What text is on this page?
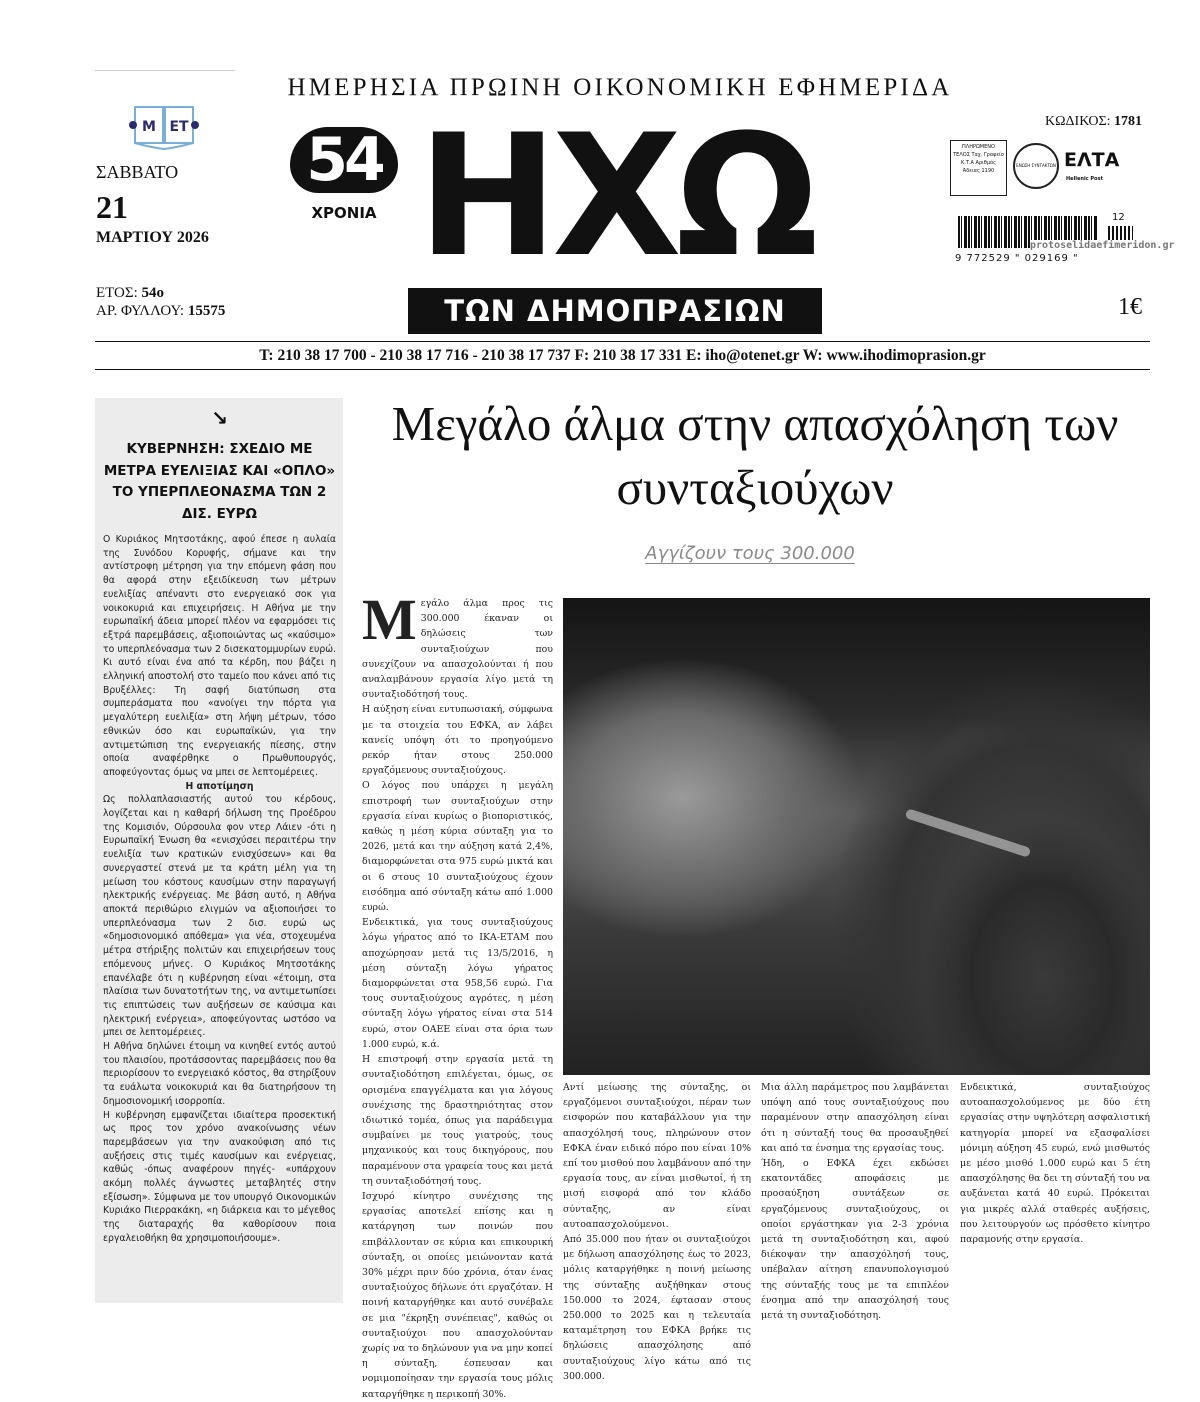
ΗΜΕΡΗΣΙΑ ΠΡΩΙΝΗ ΟΙΚΟΝΟΜΙΚΗ ΕΦΗΜΕΡΙΔΑ
M ET
ΣΑΒΒΑΤΟ
21
ΜΑΡΤΙΟΥ 2026
ΕΤΟΣ: 54ο
ΑΡ. ΦΥΛΛΟΥ: 15575
54
ΧΡΟΝΙΑ ΗΧΩ
ΤΩΝ ΔΗΜΟΠΡΑΣΙΩΝ
ΚΩΔΙΚΟΣ: 1781
ΠΛΗΡΩΜΕΝΟ ΤΕΛΟΣ Ταχ. Γραφείο Κ.Τ.Α Αριθμός Άδειας 1190
ΕΝΩΣΗ ΣΥΝΤΑΚΤΩΝ ΕΛΤΑ
Hellenic Post
12
protoselidaefimeridon.gr
9 772529 " 029169 "
1€
T: 210 38 17 700 - 210 38 17 716 - 210 38 17 737 F: 210 38 17 331 E: iho@otenet.gr W: www.ihodimoprasion.gr
↘
ΚΥΒΕΡΝΗΣΗ: ΣΧΕΔΙΟ ΜΕ ΜΕΤΡΑ ΕΥΕΛΙΞΙΑΣ ΚΑΙ «ΟΠΛΟ» ΤΟ ΥΠΕΡΠΛΕΟΝΑΣΜΑ ΤΩΝ 2 ΔΙΣ. ΕΥΡΩ

Ο Κυριάκος Μητσοτάκης, αφού έπεσε η αυλαία της Συνόδου Κορυφής, σήμανε και την αντίστροφη μέτρηση για την επόμενη φάση που θα αφορά στην εξειδίκευση των μέτρων ευελιξίας απέναντι στο ενεργειακό σοκ για νοικοκυριά και επιχειρήσεις. Η Αθήνα με την ευρωπαϊκή άδεια μπορεί πλέον να εφαρμόσει τις εξτρά παρεμβάσεις, αξιοποιώντας ως «καύσιμο» το υπερπλεόνασμα των 2 δισεκατομμυρίων ευρώ. Κι αυτό είναι ένα από τα κέρδη, που βάζει η ελληνική αποστολή στο ταμείο που κάνει από τις Βρυξέλλες: Τη σαφή διατύπωση στα συμπεράσματα που «ανοίγει την πόρτα για μεγαλύτερη ευελιξία» στη λήψη μέτρων, τόσο εθνικών όσο και ευρωπαϊκών, για την αντιμετώπιση της ενεργειακής πίεσης, στην οποία αναφέρθηκε ο Πρωθυπουργός, αποφεύγοντας όμως να μπει σε λεπτομέρειες.

Η αποτίμηση

Ως πολλαπλασιαστής αυτού του κέρδους, λογίζεται και η καθαρή δήλωση της Προέδρου της Κομισιόν, Ούρσουλα φον ντερ Λάιεν -ότι η Ευρωπαϊκή Ένωση θα «ενισχύσει περαιτέρω την ευελιξία των κρατικών ενισχύσεων» και θα συνεργαστεί στενά με τα κράτη μέλη για τη μείωση του κόστους καυσίμων στην παραγωγή ηλεκτρικής ενέργειας. Με βάση αυτό, η Αθήνα αποκτά περιθώριο ελιγμών να αξιοποιήσει το υπερπλεόνασμα των 2 δισ. ευρώ ως «δημοσιονομικό απόθεμα» για νέα, στοχευμένα μέτρα στήριξης πολιτών και επιχειρήσεων τους επόμενους μήνες. Ο Κυριάκος Μητσοτάκης επανέλαβε ότι η κυβέρνηση είναι «έτοιμη, στα πλαίσια των δυνατοτήτων της, να αντιμετωπίσει τις επιπτώσεις των αυξήσεων σε καύσιμα και ηλεκτρική ενέργεια», αποφεύγοντας ωστόσο να μπει σε λεπτομέρειες.

Η Αθήνα δηλώνει έτοιμη να κινηθεί εντός αυτού του πλαισίου, προτάσσοντας παρεμβάσεις που θα περιορίσουν το ενεργειακό κόστος, θα στηρίξουν τα ευάλωτα νοικοκυριά και θα διατηρήσουν τη δημοσιονομική ισορροπία.

Η κυβέρνηση εμφανίζεται ιδιαίτερα προσεκτική ως προς τον χρόνο ανακοίνωσης νέων παρεμβάσεων για την ανακούφιση από τις αυξήσεις στις τιμές καυσίμων και ενέργειας, καθώς -όπως αναφέρουν πηγές- «υπάρχουν ακόμη πολλές άγνωστες μεταβλητές στην εξίσωση». Σύμφωνα με τον υπουργό Οικονομικών Κυριάκο Πιερρακάκη, «η διάρκεια και το μέγεθος της διαταραχής θα καθορίσουν ποια εργαλειοθήκη θα χρησιμοποιήσουμε».

Μεγάλο άλμα στην απασχόληση των συνταξιούχων
Αγγίζουν τους 300.000

Μεγάλο άλμα προς τις 300.000 έκαναν οι δηλώσεις των συνταξιούχων που συνεχίζουν να απασχολούνται ή που αναλαμβάνουν εργασία λίγο μετά τη συνταξιοδότησή τους.

Η αύξηση είναι εντυπωσιακή, σύμφωνα με τα στοιχεία του ΕΦΚΑ, αν λάβει κανείς υπόψη ότι το προηγούμενο ρεκόρ ήταν στους 250.000 εργαζόμενους συνταξιούχους.

Ο λόγος που υπάρχει η μεγάλη επιστροφή των συνταξιούχων στην εργασία είναι κυρίως ο βιοποριστικός, καθώς η μέση κύρια σύνταξη για το 2026, μετά και την αύξηση κατά 2,4%, διαμορφώνεται στα 975 ευρώ μικτά και οι 6 στους 10 συνταξιούχους έχουν εισόδημα από σύνταξη κάτω από 1.000 ευρώ.

Ενδεικτικά, για τους συνταξιούχους λόγω γήρατος από το ΙΚΑ-ΕΤΑΜ που αποχώρησαν μετά τις 13/5/2016, η μέση σύνταξη λόγω γήρατος διαμορφώνεται στα 958,56 ευρώ. Για τους συνταξιούχους αγρότες, η μέση σύνταξη λόγω γήρατος είναι στα 514 ευρώ, στον ΟΑΕΕ είναι στα όρια των 1.000 ευρώ, κ.ά.

Η επιστροφή στην εργασία μετά τη συνταξιοδότηση επιλέγεται, όμως, σε ορισμένα επαγγέλματα και για λόγους συνέχισης της δραστηριότητας στον ιδιωτικό τομέα, όπως για παράδειγμα συμβαίνει με τους γιατρούς, τους μηχανικούς και τους δικηγόρους, που παραμένουν στα γραφεία τους και μετά τη συνταξιοδότησή τους.

Ισχυρό κίνητρο συνέχισης της εργασίας αποτελεί επίσης και η κατάργηση των ποινών που επιβάλλονταν σε κύρια και επικουρική σύνταξη, οι οποίες μειώνονταν κατά 30% μέχρι πριν δύο χρόνια, όταν ένας συνταξιούχος δήλωνε ότι εργαζόταν. Η ποινή καταργήθηκε και αυτό συνέβαλε σε μια "έκρηξη συνέπειας", καθώς οι συνταξιούχοι που απασχολούνταν χωρίς να το δηλώνουν για να μην κοπεί η σύνταξη, έσπευσαν και νομιμοποίησαν την εργασία τους μόλις καταργήθηκε η περικοπή 30%.

Αντί μείωσης της σύνταξης, οι εργαζόμενοι συνταξιούχοι, πέραν των εισφορών που καταβάλλουν για την απασχόλησή τους, πληρώνουν στον ΕΦΚΑ έναν ειδικό πόρο που είναι 10% επί του μισθού που λαμβάνουν από την εργασία τους, αν είναι μισθωτοί, ή τη μισή εισφορά από τον κλάδο σύνταξης, αν είναι αυτοαπασχολούμενοι.

Από 35.000 που ήταν οι συνταξιούχοι με δήλωση απασχόλησης έως το 2023, μόλις καταργήθηκε η ποινή μείωσης της σύνταξης αυξήθηκαν στους 150.000 το 2024, έφτασαν στους 250.000 το 2025 και η τελευταία καταμέτρηση του ΕΦΚΑ βρήκε τις δηλώσεις απασχόλησης από συνταξιούχους λίγο κάτω από τις 300.000.

Μια άλλη παράμετρος που λαμβάνεται υπόψη από τους συνταξιούχους που παραμένουν στην απασχόληση είναι ότι η σύνταξή τους θα προσαυξηθεί και από τα ένσημα της εργασίας τους.

Ήδη, ο ΕΦΚΑ έχει εκδώσει εκατοντάδες αποφάσεις με προσαύξηση συντάξεων σε εργαζόμενους συνταξιούχους, οι οποίοι εργάστηκαν για 2-3 χρόνια μετά τη συνταξιοδότηση και, αφού διέκοψαν την απασχόλησή τους, υπέβαλαν αίτηση επανυπολογισμού της σύνταξής τους με τα επιπλέον ένσημα από την απασχόλησή τους μετά τη συνταξιοδότηση.

Ενδεικτικά, συνταξιούχος αυτοαπασχολούμενος με δύο έτη εργασίας στην υψηλότερη ασφαλιστική κατηγορία μπορεί να εξασφαλίσει μόνιμη αύξηση 45 ευρώ, ενώ μισθωτός με μέσο μισθό 1.000 ευρώ και 5 έτη απασχόλησης θα δει τη σύνταξή του να αυξάνεται κατά 40 ευρώ. Πρόκειται για μικρές αλλά σταθερές αυξήσεις, που λειτουργούν ως πρόσθετο κίνητρο παραμονής στην εργασία.
